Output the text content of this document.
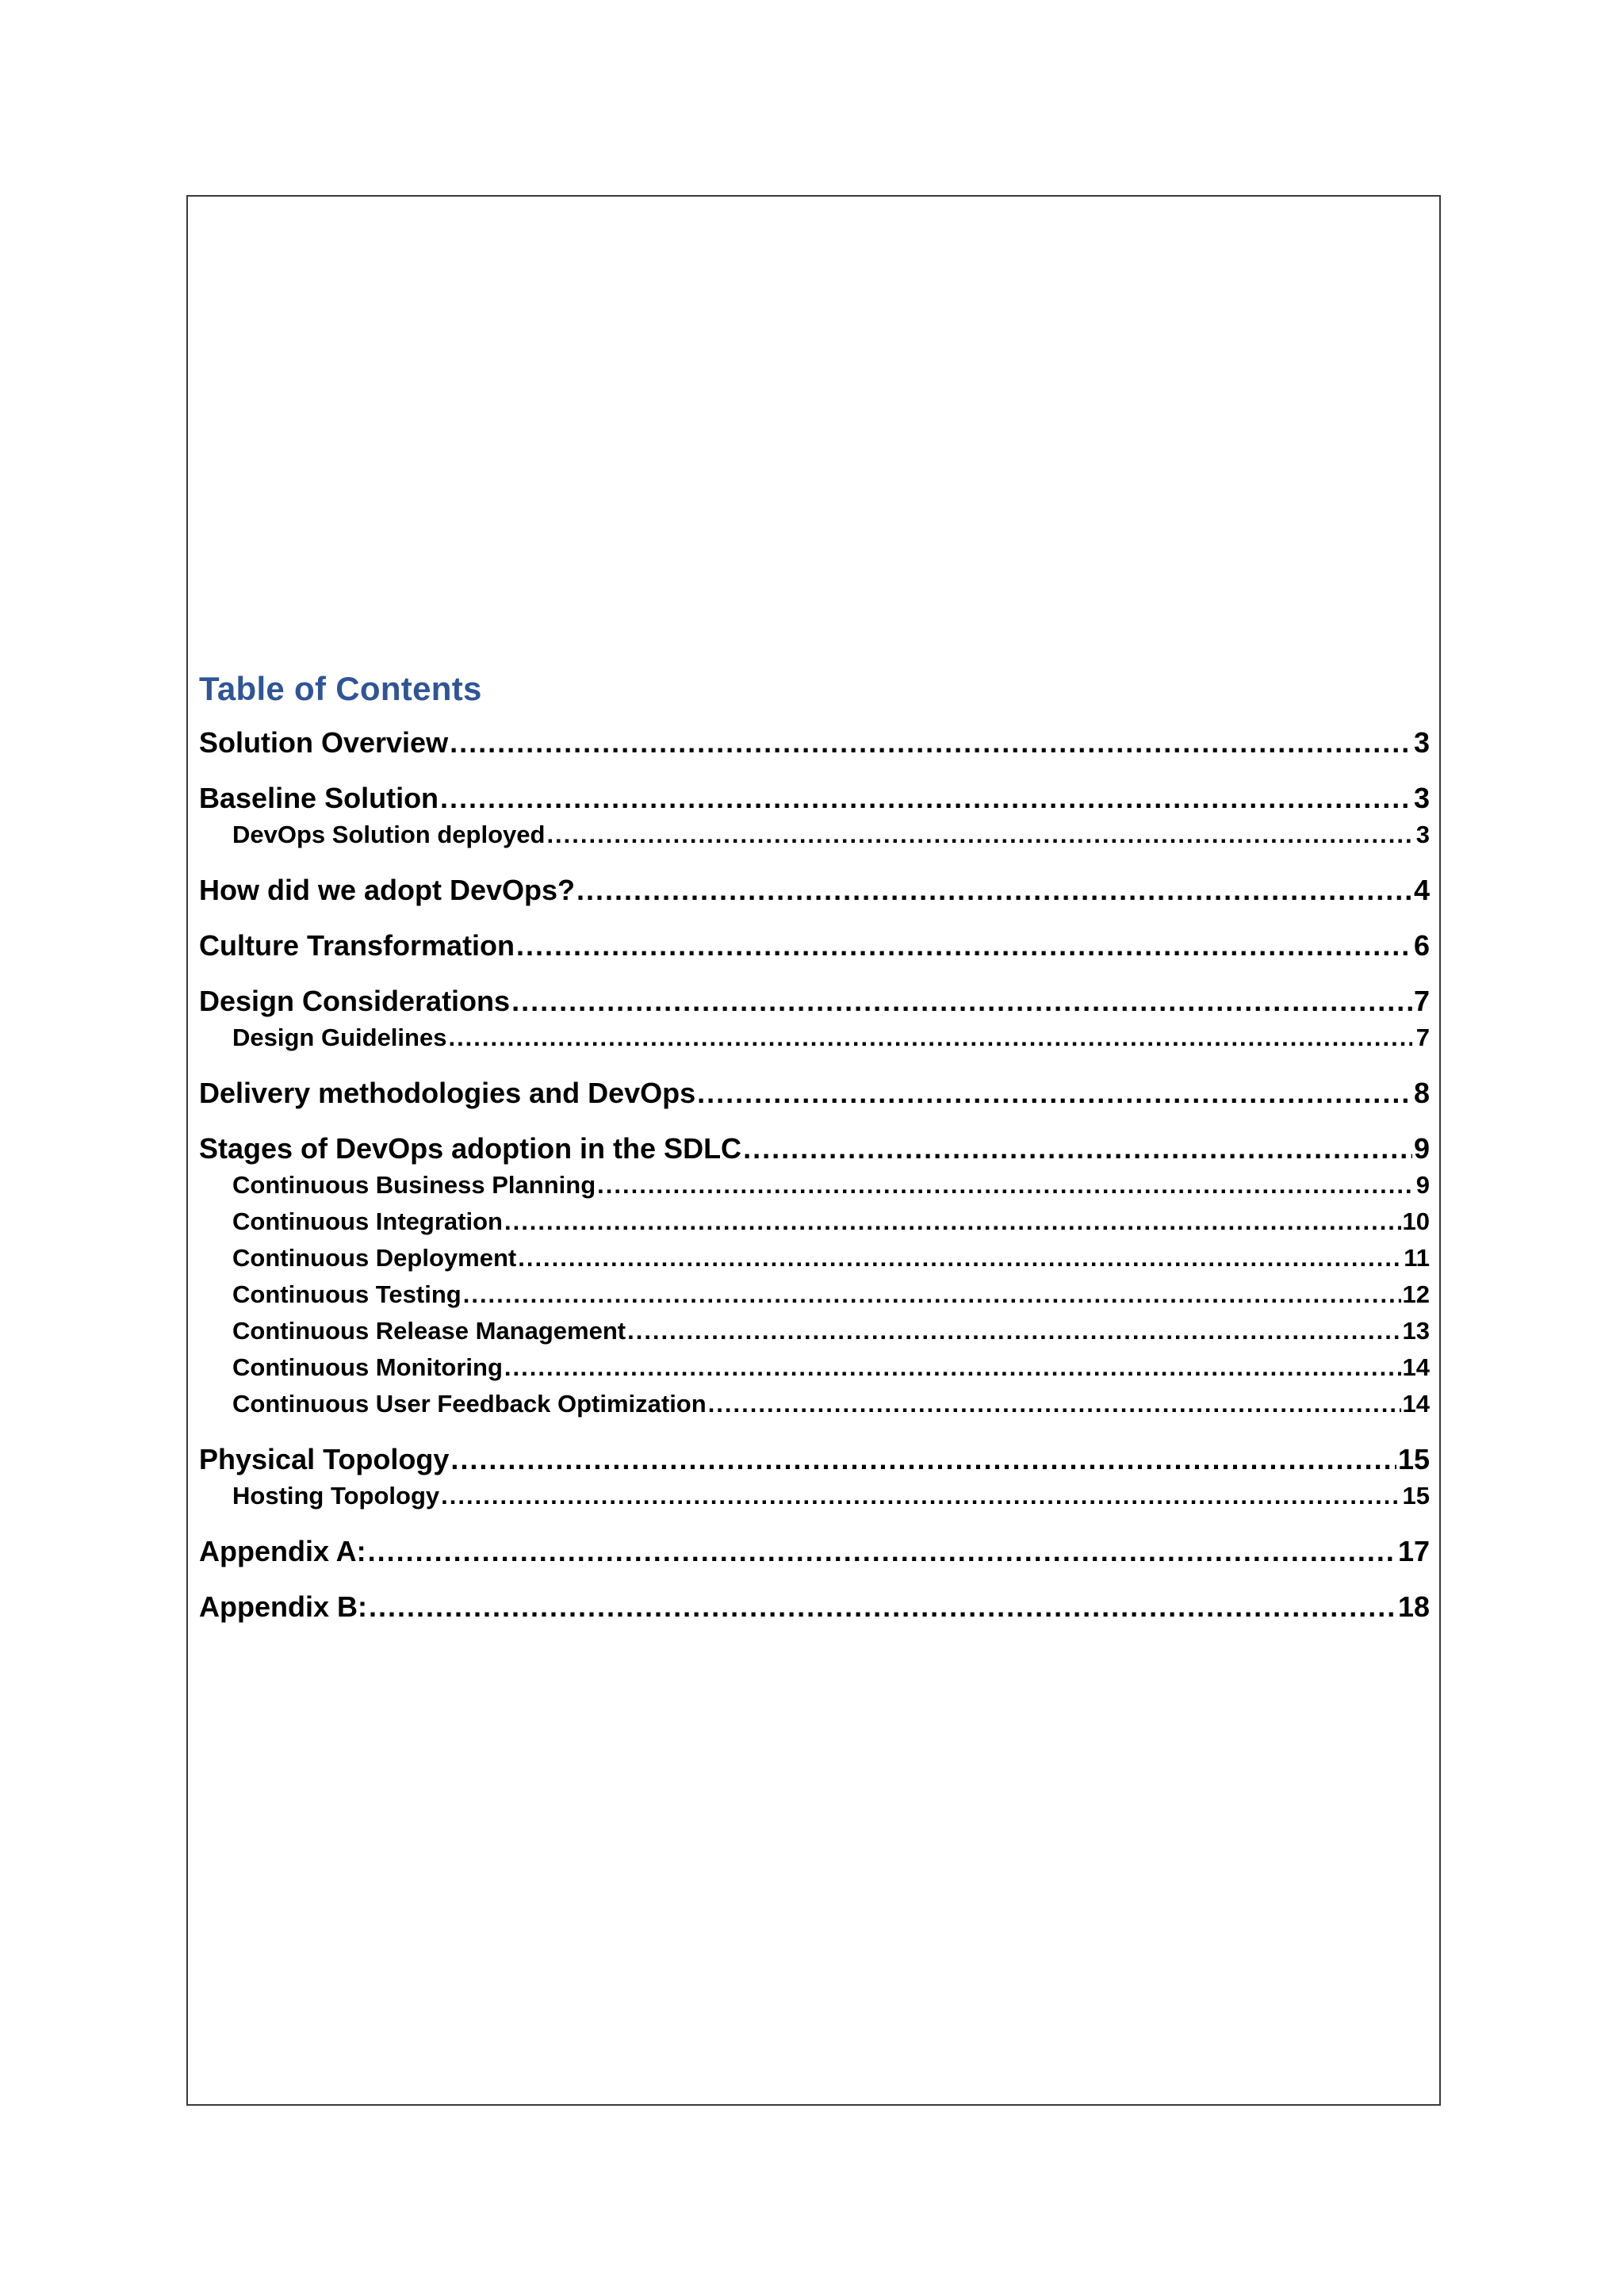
Table of Contents
Solution Overview .....	3
Baseline Solution .....	3
DevOps Solution deployed .....	3
How did we adopt DevOps? .....	4
Culture Transformation .....	6
Design Considerations .....	7
Design Guidelines .....	7
Delivery methodologies and DevOps .....	8
Stages of DevOps adoption in the SDLC .....	9
Continuous Business Planning .....	9
Continuous Integration .....	10
Continuous Deployment .....	11
Continuous Testing .....	12
Continuous Release Management .....	13
Continuous Monitoring .....	14
Continuous User Feedback Optimization .....	14
Physical Topology .....	15
Hosting Topology .....	15
Appendix A: .....	17
Appendix B: .....	18
